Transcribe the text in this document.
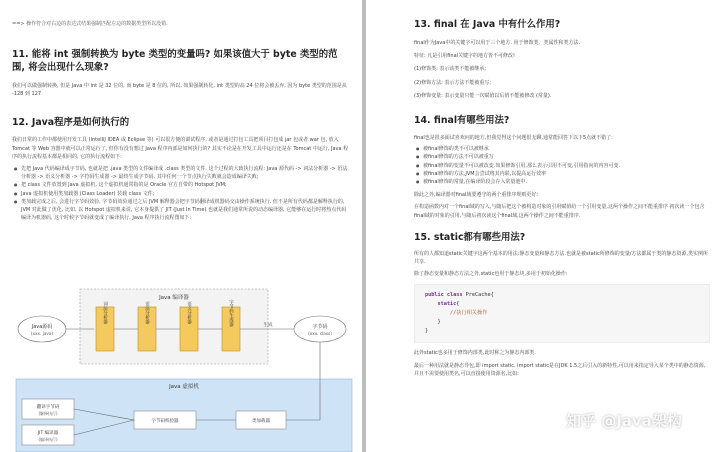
==> 操作符合对右边的表达式结果强制匹配左边的数据类型所以没错.

11. 能将 int 强制转换为 byte 类型的变量吗? 如果该值大于 byte 类型的范围, 将会出现什么现象?

我们可以做强制转换, 但是 Java 中 int 是 32 位的, 而 byte 是 8 位的, 所以, 如果强制转化, int 类型的高 24 位将会被丢弃, 因为 byte 类型的范围是从 -128 到 127

12. Java程序是如何执行的

我们日常的工作中都使用开发工具 (IntelliJ IDEA 或 Eclipse 等) 可以很方便的调试程序, 或者是通过打包工具把项目打包成 jar 包或者 war 包, 放入 Tomcat 等 Web 容器中就可以正常运行了, 但你有没有想过 Java 程序内部是如何执行的? 其实不论是在开发工具中运行还是在 Tomcat 中运行, Java 程序的执行流程基本都是相同的, 它的执行流程如下:

● 先把 Java 代码编译成字节码, 也就是把 .java 类型的文件编译成 .class 类型的文件. 这个过程的大致执行流程: Java 源代码 -> 词法分析器 -> 语法分析器 -> 语义分析器 -> 字符码生成器 -> 最终生成字节码, 其中任何一个节点执行失败就会造成编译失败;
● 把 class 文件放置到 Java 虚拟机, 这个虚拟机通常指的是 Oracle 官方自带的 Hotspot JVM;
● Java 虚拟机使用类加载器 (Class Loader) 装载 class 文件;
● 类加载完成之后, 会进行字节码效验, 字节码效验通过之后 JVM 解释器会把字节码翻译成机器码交由操作系统执行. 但不是所有代码都是解释执行的, JVM 对此做了优化, 比如, 以 Hotspot 虚拟机来说, 它本身提供了 JIT (Just In Time) 也就是我们通常所说的动态编译器, 它能够在运行时将热点代码编译为机器码, 这个时候字节码就变成了编译执行. Java 程序执行流程图如下:
Java 编译器
Java源码
(xxx. java)
词法分析器	语法分析器	语义分析器	字节码生成器	生成	字节码
(xxx. class)
Java 虚拟机
翻译字节码
(解释执行)
JIT 编译器
(编译执行)
字节码校验器	类加载器
13. final 在 Java 中有什么作用?

final作为Java中的关键字可以用于三个地方. 用于修饰类、类属性和类方法.

特征: 凡是引用final关键字的地方皆不可修改!

(1)修饰类: 表示该类不能被继承;

(2)修饰方法: 表示方法不能被重写;

(3)修饰变量: 表示变量只能一次赋值以后值不能被修改 (常量).

14. final有哪些用法?

final也是很多面试喜欢问的地方,但我觉得这个问题很无聊,通常能回答下以下5点就不错了:

● 被final修饰的类不可以被继承
● 被final修饰的方法不可以被重写
● 被final修饰的变量不可以被改变.如果修饰引用,那么表示引用不可变,引用指向的内容可变.
● 被final修饰的方法,JVM会尝试将其内联,以提高运行效率
● 被final修饰的常量,在编译阶段会存入常量池中.

除此之外,编译器对final域要遵守的两个重排序规则更好:

在构造函数内对一个final域的写入,与随后把这个被构造对象的引用赋值给一个引用变量,这两个操作之间不能重排序 初次读一个包含final域的对象的引用,与随后初次读这个final域,这两个操作之间不能重排序.

15. static都有哪些用法?

所有的人都知道static关键字这两个基本的用法:静态变量和静态方法.也就是被static所修饰的变量/方法都属于类的静态资源,类实例所共享.

除了静态变量和静态方法之外,static也用于静态块,多用于初始化操作:

public class PreCache{
static{
//执行相关操作
}
}

此外static也多用于修饰内部类,此时称之为静态内部类.

最后一种用法就是静态导包,即 import static. import static是在JDK 1.5之后引入的新特性,可以用来指定导入某个类中的静态资源,并且不需要使用类名,可以直接使用资源名,比如:

知乎 @Java架构
